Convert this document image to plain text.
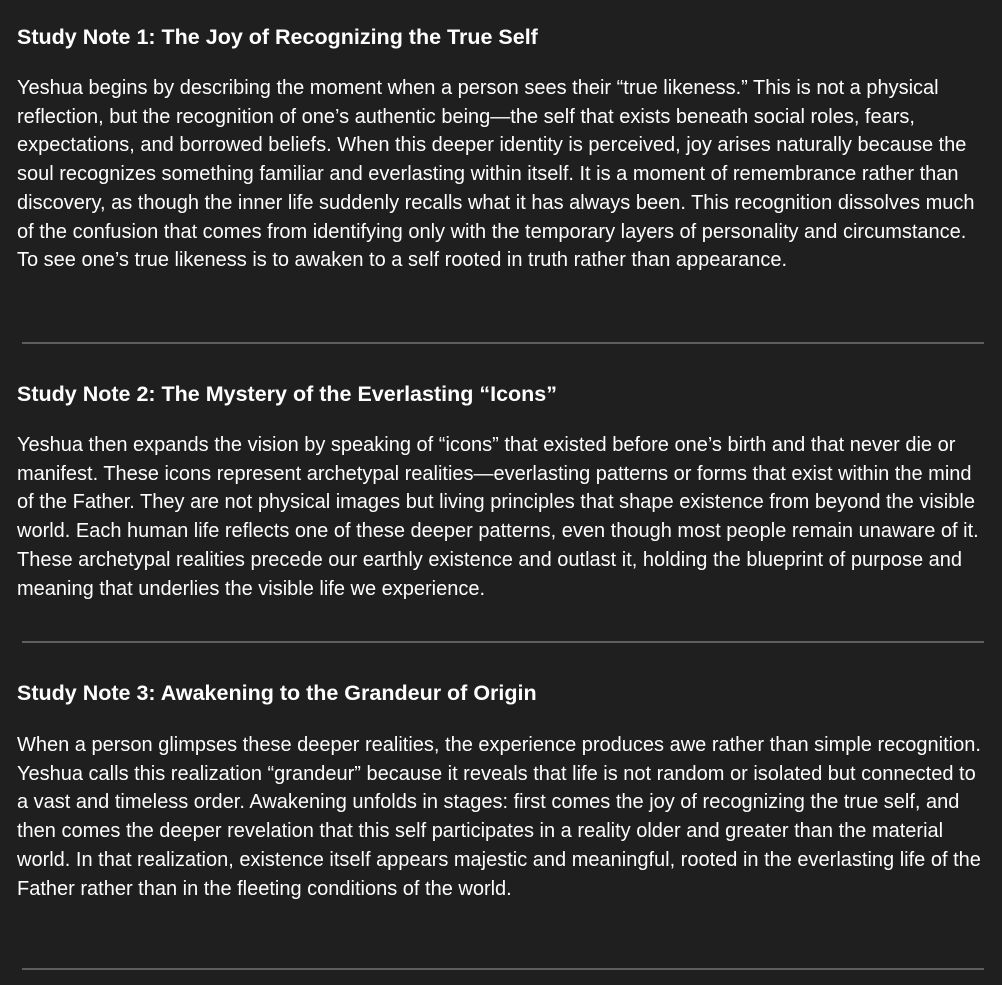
Study Note 1: The Joy of Recognizing the True Self

Yeshua begins by describing the moment when a person sees their “true likeness.” This is not a physical reflection, but the recognition of one’s authentic being—the self that exists beneath social roles, fears, expectations, and borrowed beliefs. When this deeper identity is perceived, joy arises naturally because the soul recognizes something familiar and everlasting within itself. It is a moment of remembrance rather than discovery, as though the inner life suddenly recalls what it has always been. This recognition dissolves much of the confusion that comes from identifying only with the temporary layers of personality and circumstance. To see one’s true likeness is to awaken to a self rooted in truth rather than appearance.

Study Note 2: The Mystery of the Everlasting “Icons”

Yeshua then expands the vision by speaking of “icons” that existed before one’s birth and that never die or manifest. These icons represent archetypal realities—everlasting patterns or forms that exist within the mind of the Father. They are not physical images but living principles that shape existence from beyond the visible world. Each human life reflects one of these deeper patterns, even though most people remain unaware of it. These archetypal realities precede our earthly existence and outlast it, holding the blueprint of purpose and meaning that underlies the visible life we experience.

Study Note 3: Awakening to the Grandeur of Origin

When a person glimpses these deeper realities, the experience produces awe rather than simple recognition. Yeshua calls this realization “grandeur” because it reveals that life is not random or isolated but connected to a vast and timeless order. Awakening unfolds in stages: first comes the joy of recognizing the true self, and then comes the deeper revelation that this self participates in a reality older and greater than the material world. In that realization, existence itself appears majestic and meaningful, rooted in the everlasting life of the Father rather than in the fleeting conditions of the world.
